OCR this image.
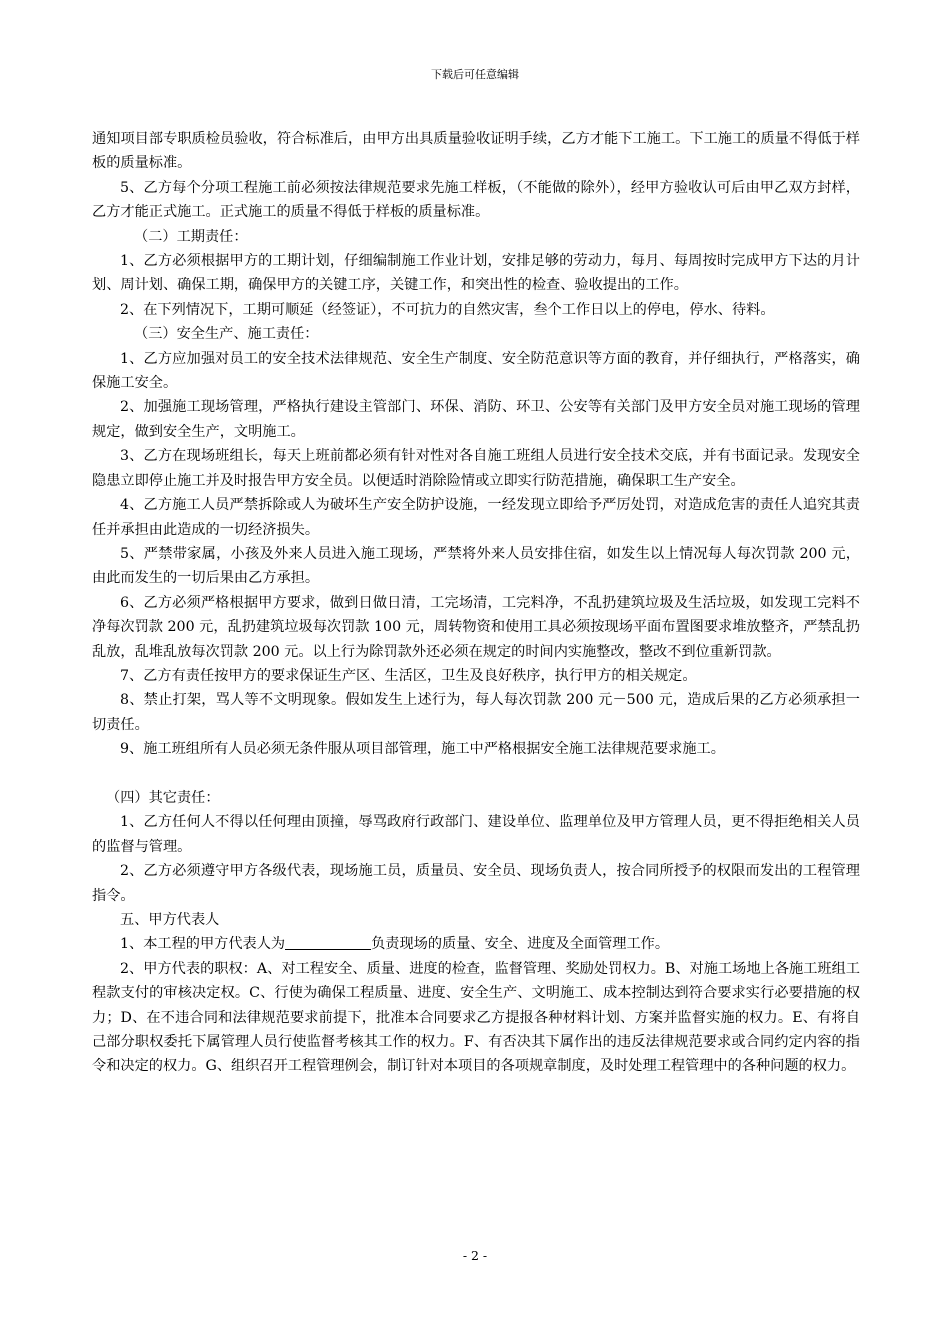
下载后可任意编辑

通知项目部专职质检员验收，符合标准后，由甲方出具质量验收证明手续，乙方才能下工施工。下工施工的质量不得低于样板的质量标准。

5、乙方每个分项工程施工前必须按法律规范要求先施工样板，（不能做的除外），经甲方验收认可后由甲乙双方封样，乙方才能正式施工。正式施工的质量不得低于样板的质量标准。

（二）工期责任：

1、乙方必须根据甲方的工期计划，仔细编制施工作业计划，安排足够的劳动力，每月、每周按时完成甲方下达的月计划、周计划、确保工期，确保甲方的关键工序，关键工作，和突出性的检查、验收提出的工作。

2、在下列情况下，工期可顺延（经签证），不可抗力的自然灾害，叁个工作日以上的停电，停水、待料。

（三）安全生产、施工责任：

1、乙方应加强对员工的安全技术法律规范、安全生产制度、安全防范意识等方面的教育，并仔细执行，严格落实，确保施工安全。

2、加强施工现场管理，严格执行建设主管部门、环保、消防、环卫、公安等有关部门及甲方安全员对施工现场的管理规定，做到安全生产，文明施工。

3、乙方在现场班组长，每天上班前都必须有针对性对各自施工班组人员进行安全技术交底，并有书面记录。发现安全隐患立即停止施工并及时报告甲方安全员。以便适时消除险情或立即实行防范措施，确保职工生产安全。

4、乙方施工人员严禁拆除或人为破坏生产安全防护设施，一经发现立即给予严厉处罚，对造成危害的责任人追究其责任并承担由此造成的一切经济损失。

5、严禁带家属，小孩及外来人员进入施工现场，严禁将外来人员安排住宿，如发生以上情况每人每次罚款 200 元，由此而发生的一切后果由乙方承担。

6、乙方必须严格根据甲方要求，做到日做日清，工完场清，工完料净，不乱扔建筑垃圾及生活垃圾，如发现工完料不净每次罚款 200 元，乱扔建筑垃圾每次罚款 100 元，周转物资和使用工具必须按现场平面布置图要求堆放整齐，严禁乱扔乱放，乱堆乱放每次罚款 200 元。以上行为除罚款外还必须在规定的时间内实施整改，整改不到位重新罚款。

7、乙方有责任按甲方的要求保证生产区、生活区，卫生及良好秩序，执行甲方的相关规定。

8、禁止打架，骂人等不文明现象。假如发生上述行为，每人每次罚款 200 元－500 元，造成后果的乙方必须承担一切责任。

9、施工班组所有人员必须无条件服从项目部管理，施工中严格根据安全施工法律规范要求施工。

（四）其它责任：

1、乙方任何人不得以任何理由顶撞，辱骂政府行政部门、建设单位、监理单位及甲方管理人员，更不得拒绝相关人员的监督与管理。

2、乙方必须遵守甲方各级代表，现场施工员，质量员、安全员、现场负责人，按合同所授予的权限而发出的工程管理指令。

五、甲方代表人

1、本工程的甲方代表人为	负责现场的质量、安全、进度及全面管理工作。

2、甲方代表的职权：A、对工程安全、质量、进度的检查，监督管理、奖励处罚权力。B、对施工场地上各施工班组工程款支付的审核决定权。C、行使为确保工程质量、进度、安全生产、文明施工、成本控制达到符合要求实行必要措施的权力；D、在不违合同和法律规范要求前提下，批准本合同要求乙方提报各种材料计划、方案并监督实施的权力。E、有将自己部分职权委托下属管理人员行使监督考核其工作的权力。F、有否决其下属作出的违反法律规范要求或合同约定内容的指令和决定的权力。G、组织召开工程管理例会，制订针对本项目的各项规章制度，及时处理工程管理中的各种问题的权力。

- 2 -
